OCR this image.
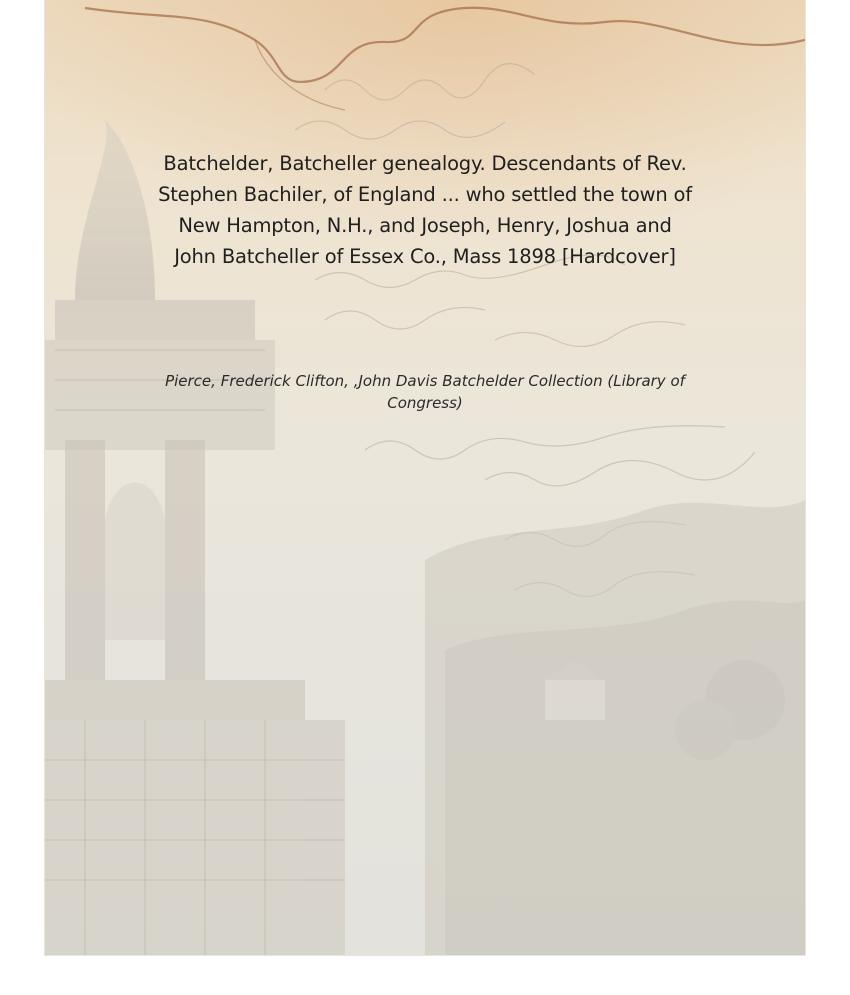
Batchelder, Batcheller genealogy. Descendants of Rev.
Stephen Bachiler, of England ... who settled the town of
New Hampton, N.H., and Joseph, Henry, Joshua and
John Batcheller of Essex Co., Mass 1898 [Hardcover]
Pierce, Frederick Clifton, ,John Davis Batchelder Collection (Library of
Congress)
